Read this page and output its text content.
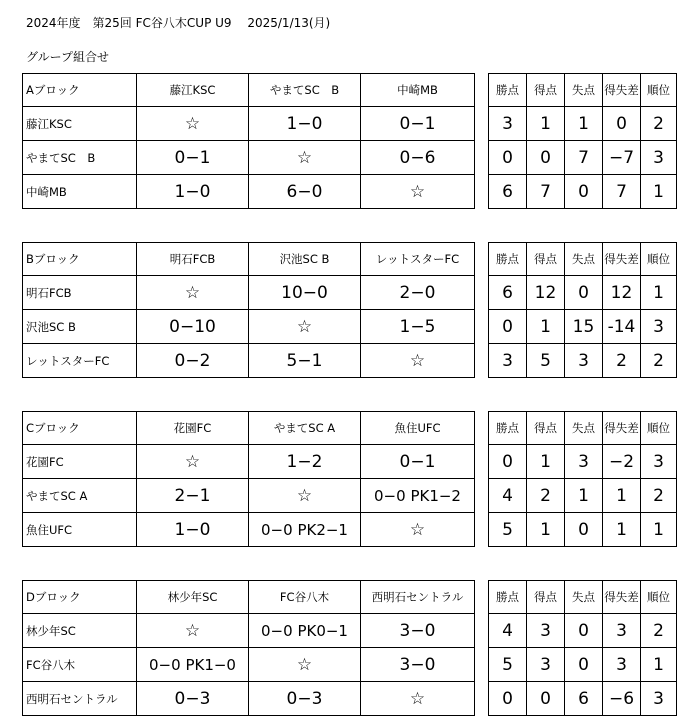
2024年度　第25回 FC谷八木CUP U9　 2025/1/13(月)
グループ組合せ
Aブロック	藤江KSC	やまてSC　B	中崎MB		勝点	得点	失点	得失差	順位
藤江KSC	☆	1−0	0−1		3	1	1	0	2
やまてSC　B	0−1	☆	0−6		0	0	7	−7	3
中崎MB	1−0	6−0	☆		6	7	0	7	1
Bブロック	明石FCB	沢池SC B	レットスターFC		勝点	得点	失点	得失差	順位
明石FCB	☆	10−0	2−0		6	12	0	12	1
沢池SC B	0−10	☆	1−5		0	1	15	-14	3
レットスターFC	0−2	5−1	☆		3	5	3	2	2
Cブロック	花園FC	やまてSC A	魚住UFC		勝点	得点	失点	得失差	順位
花園FC	☆	1−2	0−1		0	1	3	−2	3
やまてSC A	2−1	☆	0−0 PK1−2		4	2	1	1	2
魚住UFC	1−0	0−0 PK2−1	☆		5	1	0	1	1
Dブロック	林少年SC	FC谷八木	西明石セントラル		勝点	得点	失点	得失差	順位
林少年SC	☆	0−0 PK0−1	3−0		4	3	0	3	2
FC谷八木	0−0 PK1−0	☆	3−0		5	3	0	3	1
西明石セントラル	0−3	0−3	☆		0	0	6	−6	3
